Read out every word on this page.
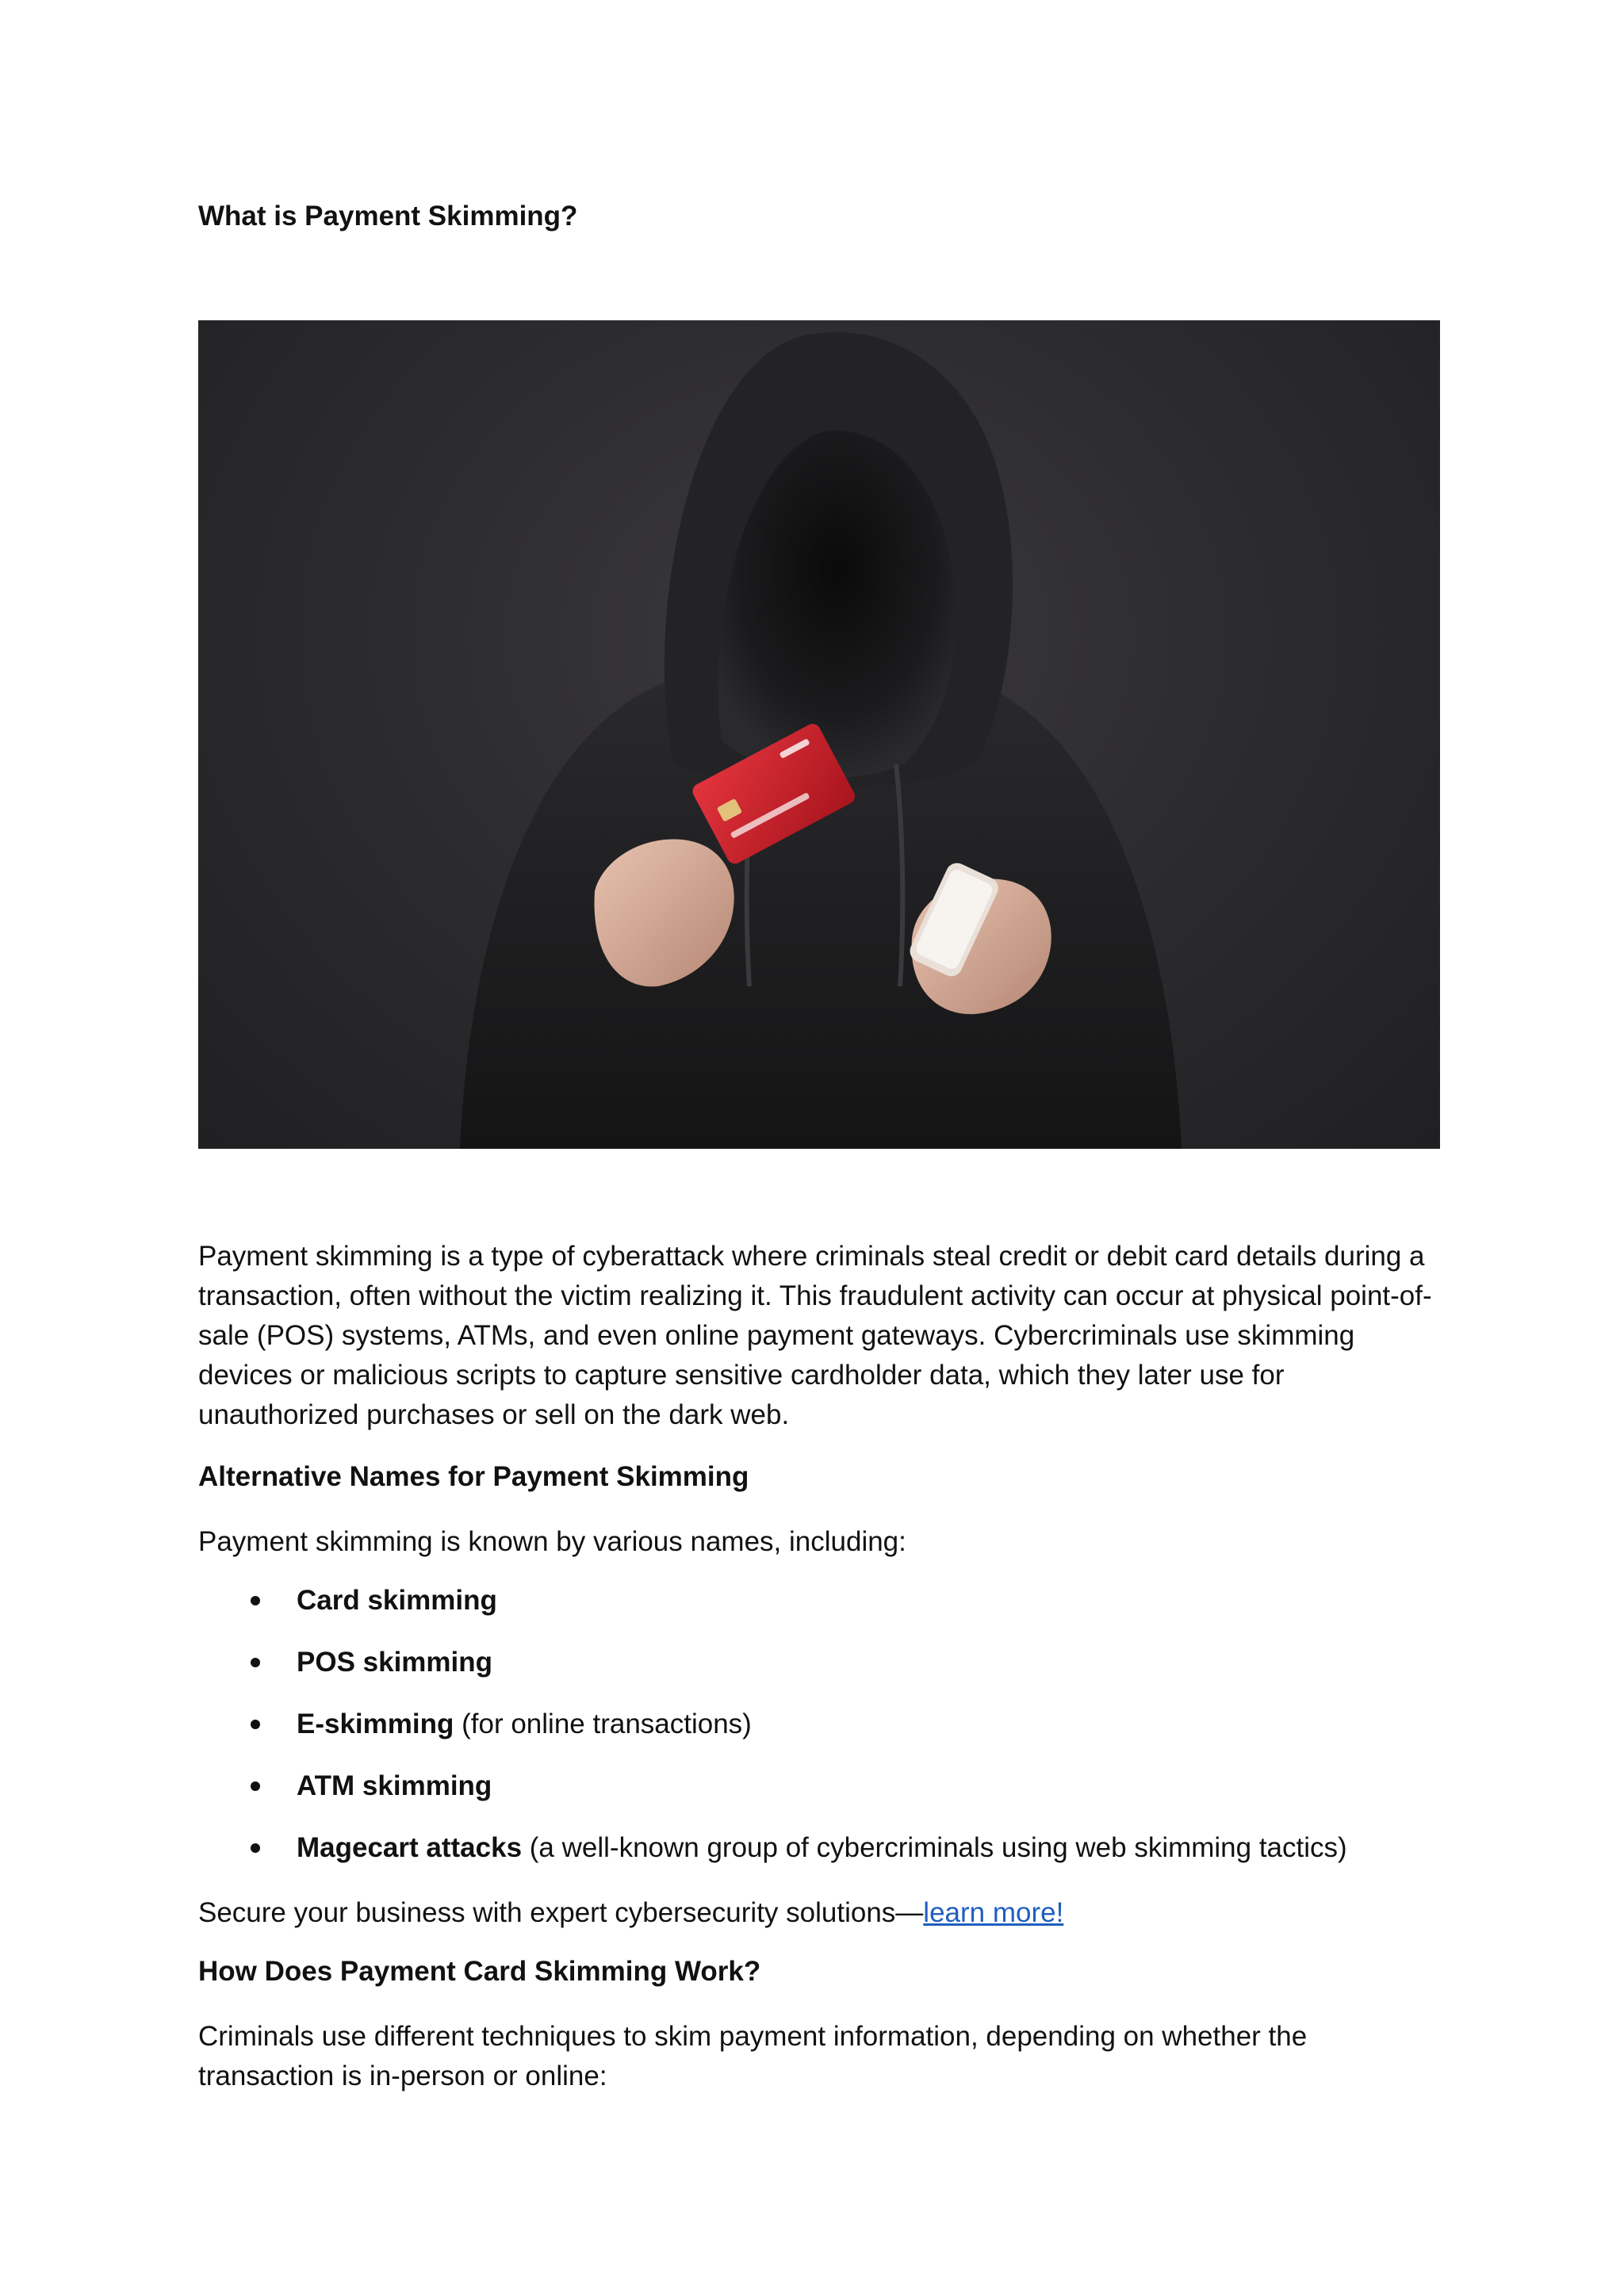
What is Payment Skimming?

Payment skimming is a type of cyberattack where criminals steal credit or debit card details during a transaction, often without the victim realizing it. This fraudulent activity can occur at physical point-of-sale (POS) systems, ATMs, and even online payment gateways. Cybercriminals use skimming devices or malicious scripts to capture sensitive cardholder data, which they later use for unauthorized purchases or sell on the dark web.

Alternative Names for Payment Skimming

Payment skimming is known by various names, including:

Card skimming
POS skimming
E-skimming (for online transactions)
ATM skimming
Magecart attacks (a well-known group of cybercriminals using web skimming tactics)

Secure your business with expert cybersecurity solutions—learn more!

How Does Payment Card Skimming Work?

Criminals use different techniques to skim payment information, depending on whether the transaction is in-person or online:
